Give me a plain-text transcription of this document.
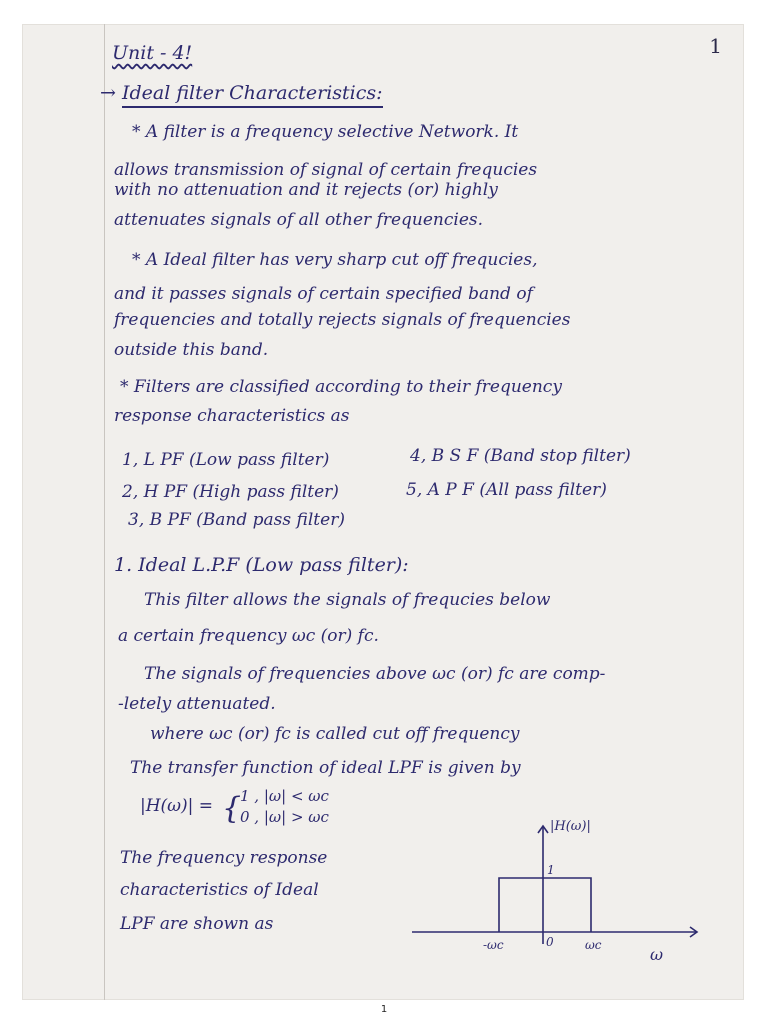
1
Unit - 4!
→ Ideal filter Characteristics:
* A filter is a frequency selective Network. It
allows transmission of signal of certain frequcies
with no attenuation and it rejects (or) highly
attenuates signals of all other frequencies.
* A Ideal filter has very sharp cut off frequcies,
and it passes signals of certain specified band of
frequencies and totally rejects signals of frequencies
outside this band.
* Filters are classified according to their frequency
response characteristics as
1, L PF (Low pass filter)
2, H PF (High pass filter)
3, B PF (Band pass filter)
4, B S F (Band stop filter)
5, A P F (All pass filter)
1. Ideal L.P.F (Low pass filter):
This filter allows the signals of frequcies below
a certain frequency ωc (or) fc.
The signals of frequencies above ωc (or) fc are comp-
-letely attenuated.
where ωc (or) fc is called cut off frequency
The transfer function of ideal LPF is given by
|H(ω)| = {
1 , |ω| < ωc
0 , |ω| > ωc
The frequency response
characteristics of Ideal
LPF are shown as
|H(ω)|
1
-ωc	0	ωc	ω
1
